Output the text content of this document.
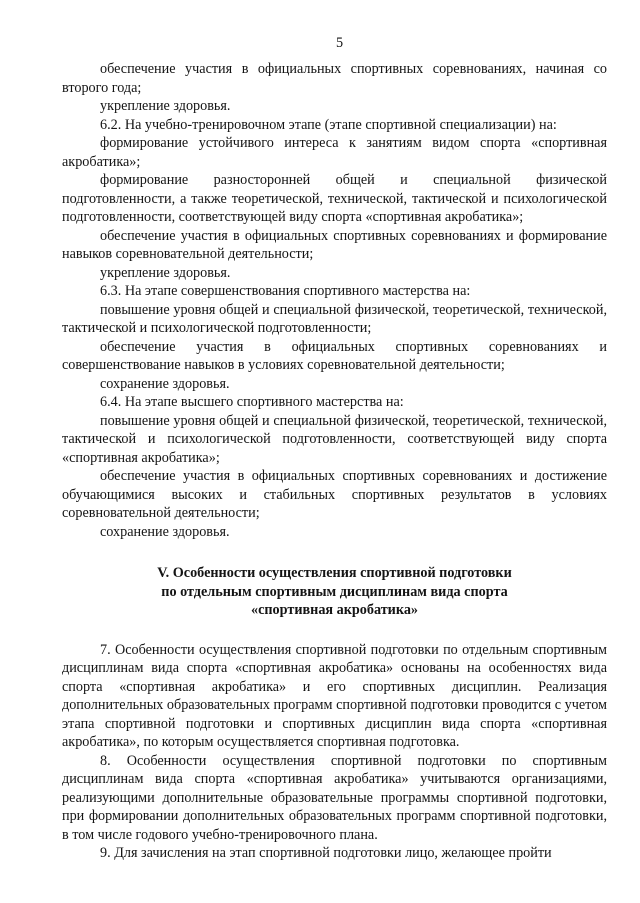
5

обеспечение участия в официальных спортивных соревнованиях, начиная со второго года;

укрепление здоровья.

6.2. На учебно-тренировочном этапе (этапе спортивной специализации) на:

формирование устойчивого интереса к занятиям видом спорта «спортивная акробатика»;

формирование разносторонней общей и специальной физической подготовленности, а также теоретической, технической, тактической и психологической подготовленности, соответствующей виду спорта «спортивная акробатика»;

обеспечение участия в официальных спортивных соревнованиях и формирование навыков соревновательной деятельности;

укрепление здоровья.

6.3. На этапе совершенствования спортивного мастерства на:

повышение уровня общей и специальной физической, теоретической, технической, тактической и психологической подготовленности;

обеспечение участия в официальных спортивных соревнованиях и совершенствование навыков в условиях соревновательной деятельности;

сохранение здоровья.

6.4. На этапе высшего спортивного мастерства на:

повышение уровня общей и специальной физической, теоретической, технической, тактической и психологической подготовленности, соответствующей виду спорта «спортивная акробатика»;

обеспечение участия в официальных спортивных соревнованиях и достижение обучающимися высоких и стабильных спортивных результатов в условиях соревновательной деятельности;

сохранение здоровья.

V. Особенности осуществления спортивной подготовки
по отдельным спортивным дисциплинам вида спорта
«спортивная акробатика»

7. Особенности осуществления спортивной подготовки по отдельным спортивным дисциплинам вида спорта «спортивная акробатика» основаны на особенностях вида спорта «спортивная акробатика» и его спортивных дисциплин. Реализация дополнительных образовательных программ спортивной подготовки проводится с учетом этапа спортивной подготовки и спортивных дисциплин вида спорта «спортивная акробатика», по которым осуществляется спортивная подготовка.

8. Особенности осуществления спортивной подготовки по спортивным дисциплинам вида спорта «спортивная акробатика» учитываются организациями, реализующими дополнительные образовательные программы спортивной подготовки, при формировании дополнительных образовательных программ спортивной подготовки, в том числе годового учебно-тренировочного плана.

9. Для зачисления на этап спортивной подготовки лицо, желающее пройти
